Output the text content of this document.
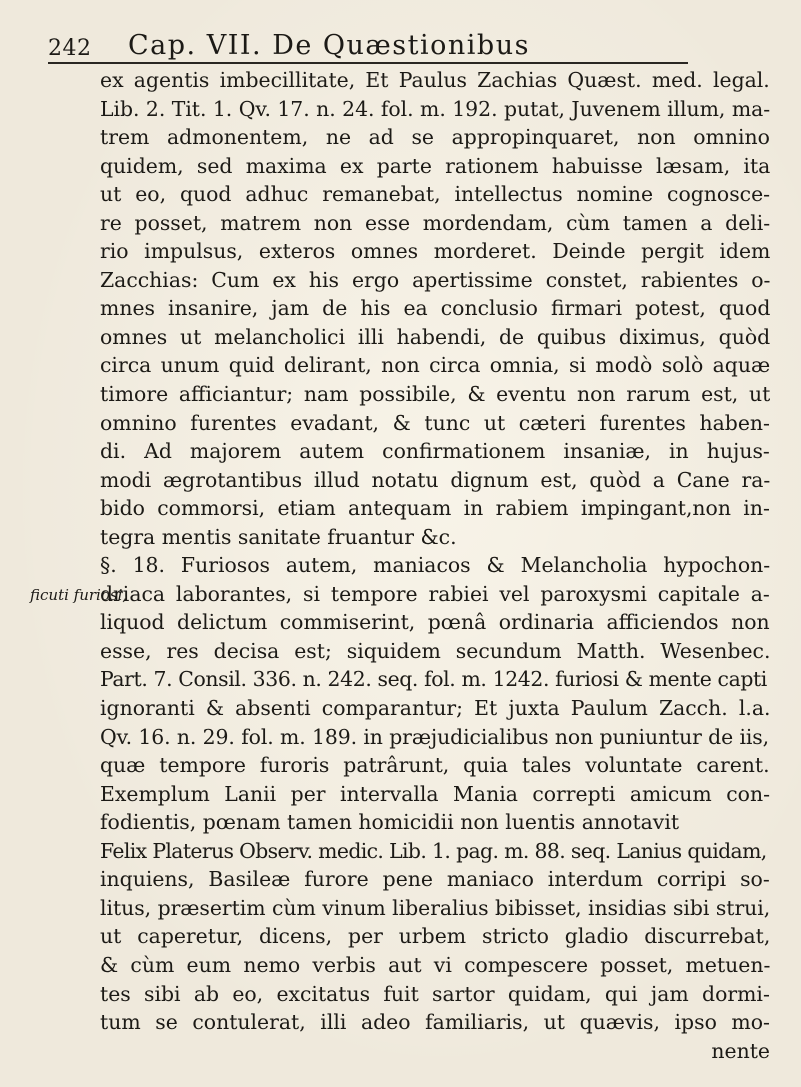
242 Cap. VII. De Quæstionibus
ficuti furiosi,
ex agentis imbecillitate, Et Paulus Zachias Quæst. med. legal.
Lib. 2. Tit. 1. Qv. 17. n. 24. fol. m. 192. putat, Juvenem illum, ma-
trem admonentem, ne ad se appropinquaret, non omnino
quidem, sed maxima ex parte rationem habuisse læsam, ita
ut eo, quod adhuc remanebat, intellectus nomine cognosce-
re posset, matrem non esse mordendam, cùm tamen a deli-
rio impulsus, exteros omnes morderet. Deinde pergit idem
Zacchias: Cum ex his ergo apertissime constet, rabientes o-
mnes insanire, jam de his ea conclusio firmari potest, quod
omnes ut melancholici illi habendi, de quibus diximus, quòd
circa unum quid delirant, non circa omnia, si modò solò aquæ
timore afficiantur; nam possibile, & eventu non rarum est, ut
omnino furentes evadant, & tunc ut cæteri furentes haben-
di. Ad majorem autem confirmationem insaniæ, in hujus-
modi ægrotantibus illud notatu dignum est, quòd a Cane ra-
bido commorsi, etiam antequam in rabiem impingant,non in-
tegra mentis sanitate fruantur &c.
§. 18. Furiosos autem, maniacos & Melancholia hypochon-
driaca laborantes, si tempore rabiei vel paroxysmi capitale a-
liquod delictum commiserint, pœnâ ordinaria afficiendos non
esse, res decisa est; siquidem secundum Matth. Wesenbec.
Part. 7. Consil. 336. n. 242. seq. fol. m. 1242. furiosi & mente capti
ignoranti & absenti comparantur; Et juxta Paulum Zacch. l.a.
Qv. 16. n. 29. fol. m. 189. in præjudicialibus non puniuntur de iis,
quæ tempore furoris patrârunt, quia tales voluntate carent.
Exemplum Lanii per intervalla Mania correpti amicum con-
fodientis, pœnam tamen homicidii non luentis annotavit
Felix Platerus Observ. medic. Lib. 1. pag. m. 88. seq. Lanius quidam,
inquiens, Basileæ furore pene maniaco interdum corripi so-
litus, præsertim cùm vinum liberalius bibisset, insidias sibi strui,
ut caperetur, dicens, per urbem stricto gladio discurrebat,
& cùm eum nemo verbis aut vi compescere posset, metuen-
tes sibi ab eo, excitatus fuit sartor quidam, qui jam dormi-
tum se contulerat, illi adeo familiaris, ut quævis, ipso mo-
nente
